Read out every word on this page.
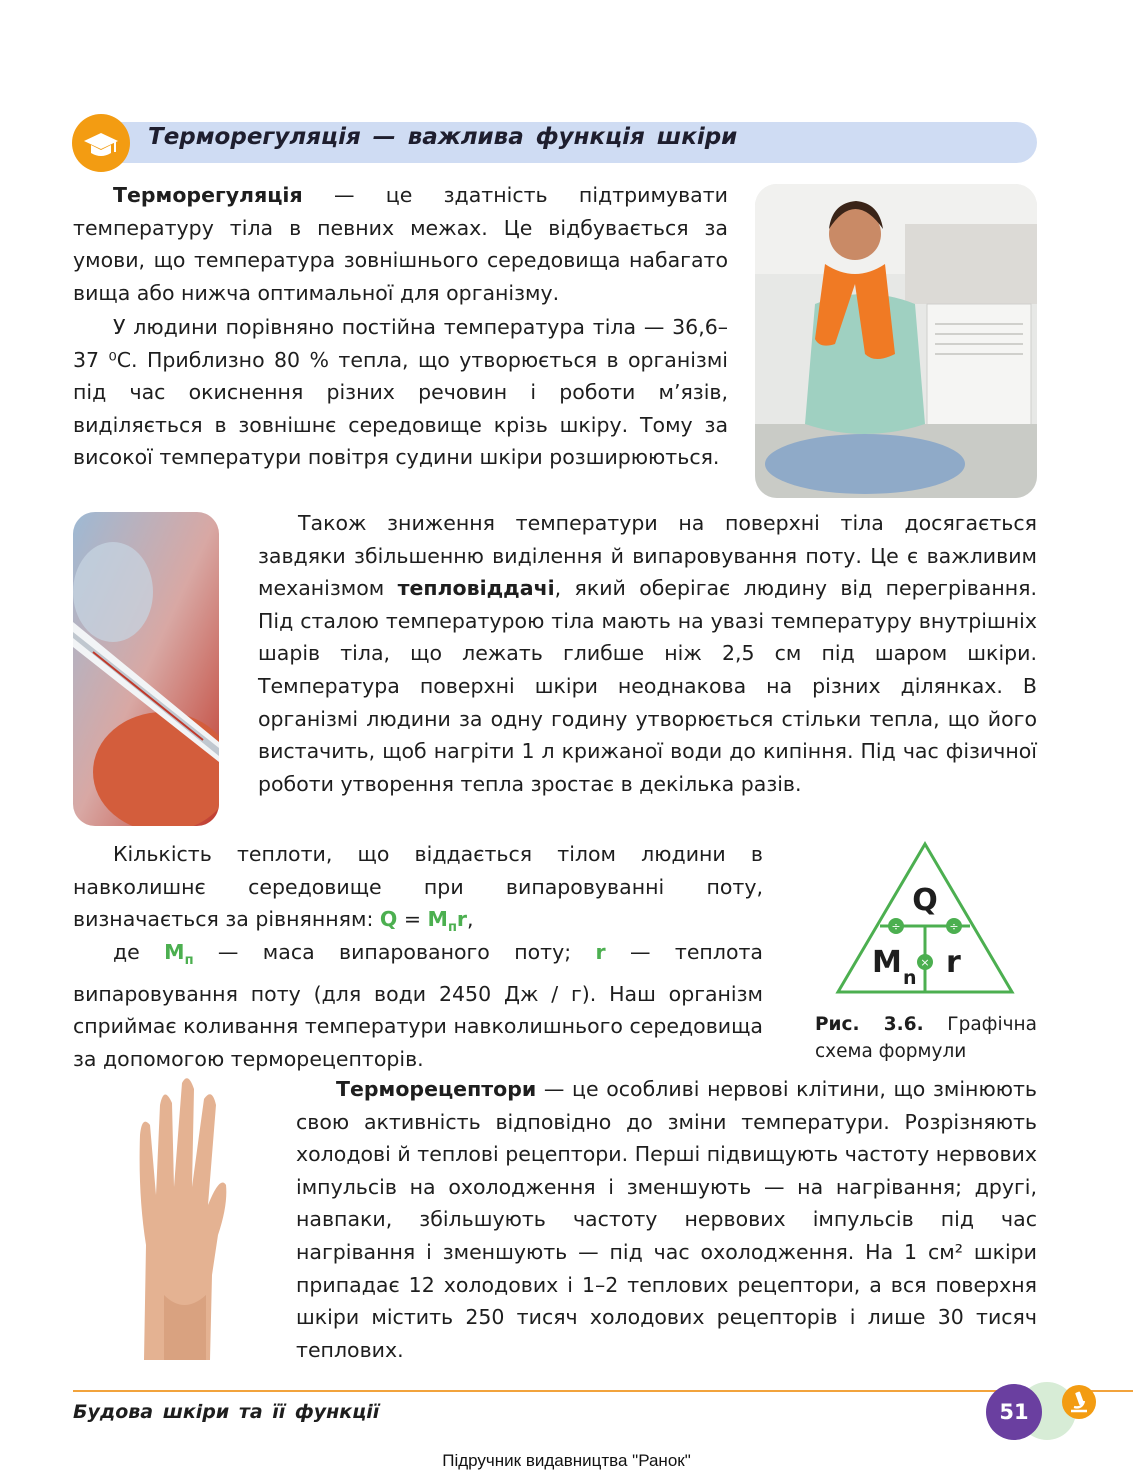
Терморегуляція — важлива функція шкіри

Терморегуляція — це здатність підтримувати температуру тіла в певних межах. Це відбувається за умови, що температура зовнішнього середовища набагато вища або нижча оптимальної для організму.

У людини порівняно постійна температура тіла — 36,6–37 ⁰С. Приблизно 80 % тепла, що утворюється в організмі під час окиснення різних речовин і роботи м’язів, виділяється в зовнішнє середовище крізь шкіру. Тому за високої температури повітря судини шкіри розширюються.

Також зниження температури на поверхні тіла досягається завдяки збільшенню виділення й випаровування поту. Це є важливим механізмом тепловіддачі, який оберігає людину від перегрівання. Під сталою температурою тіла мають на увазі температуру внутрішніх шарів тіла, що лежать глибше ніж 2,5 см під шаром шкіри. Температура поверхні шкіри неоднакова на різних ділянках. В організмі людини за одну годину утворюється стільки тепла, що його вистачить, щоб нагріти 1 л крижаної води до кипіння. Під час фізичної роботи утворення тепла зростає в декілька разів.

Кількість теплоти, що віддається тілом людини в навколишнє середовище при випаровуванні поту, визначається за рівнянням: $Q = M_пr$,

де $M_п$ — маса випарованого поту; r — теплота випаровування поту (для води 2450 Дж / г). Наш організм сприймає коливання температури навколишнього середовища за допомогою терморецепторів.

÷	÷
×
Q
M n r
Рис. 3.6. Графічна схема формули

Терморецептори — це особливі нервові клітини, що змінюють свою активність відповідно до зміни температури. Розрізняють холодові й теплові рецептори. Перші підвищують частоту нервових імпульсів на охолодження і зменшують — на нагрівання; другі, навпаки, збільшують частоту нервових імпульсів під час нагрівання і зменшують — під час охолодження. На 1 см² шкіри припадає 12 холодових і 1–2 теплових рецептори, а вся поверхня шкіри містить 250 тисяч холодових рецепторів і лише 30 тисяч теплових.

Будова шкіри та її функції	51
Підручник видавництва "Ранок"
